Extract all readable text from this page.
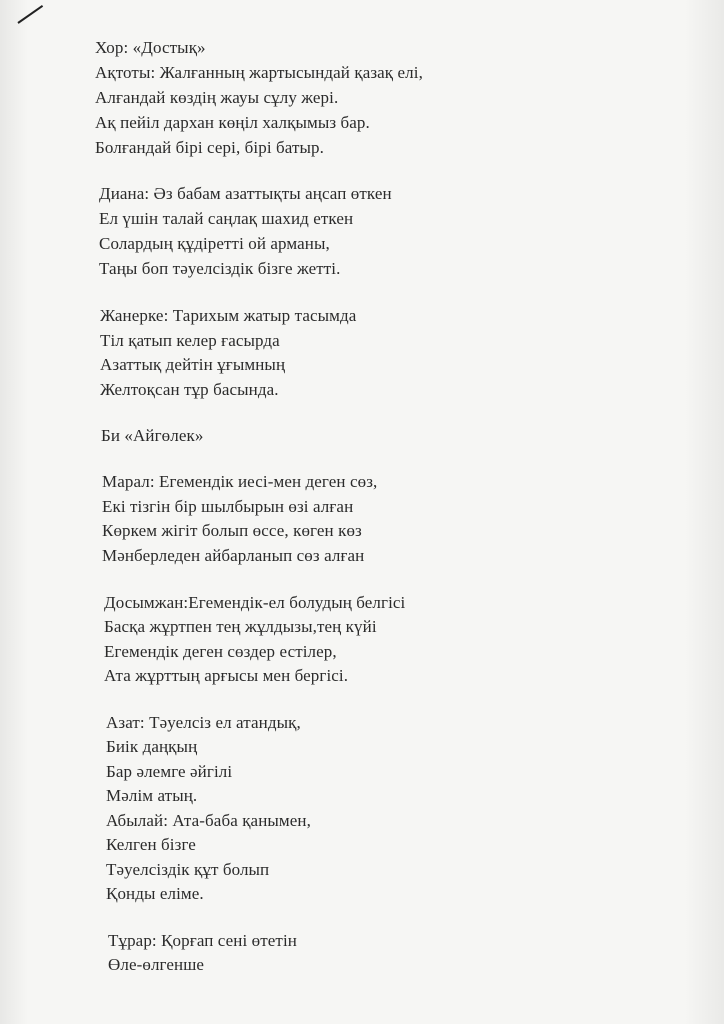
Хор: «Достық»
Ақтоты: Жалғанның жартысындай қазақ елі,
Алғандай көздің жауы сұлу жері.
Ақ пейіл дархан көңіл халқымыз бар.
Болғандай бірі сері, бірі батыр.
Диана: Әз бабам азаттықты аңсап өткен
Ел үшін талай саңлақ шахид еткен
Солардың құдіретті ой арманы,
Таңы боп тәуелсіздік бізге жетті.
Жанерке: Тарихым жатыр тасымда
Тіл қатып келер ғасырда
Азаттық дейтін ұғымның
Желтоқсан тұр басында.
Би «Айгөлек»
Марал: Егемендік иесі-мен деген сөз,
Екі тізгін бір шылбырын өзі алған
Көркем жігіт болып өссе, көген көз
Мәнберледен айбарланып сөз алған
Досымжан:Егемендік-ел болудың белгісі
Басқа жұртпен тең жұлдызы,тең күйі
Егемендік деген сөздер естілер,
Ата жұрттың арғысы мен бергісі.
Азат: Тәуелсіз ел атандық,
Биік даңқың
Бар әлемге әйгілі
Мәлім атың.
Абылай: Ата-баба қанымен,
Келген бізге
Тәуелсіздік құт болып
Қонды еліме.
Тұрар: Қорғап сені өтетін
Өле-өлгенше
